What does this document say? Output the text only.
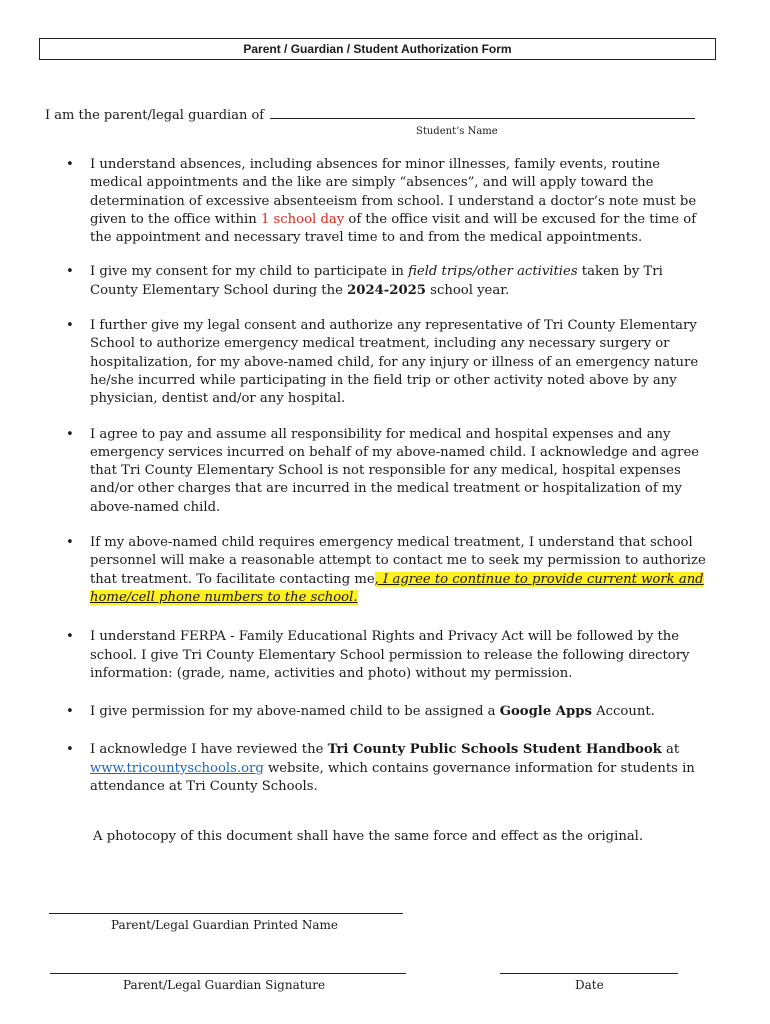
Parent / Guardian / Student Authorization Form
I am the parent/legal guardian of
Student’s Name
• I understand absences, including absences for minor illnesses, family events, routine medical appointments and the like are simply “absences”, and will apply toward the determination of excessive absenteeism from school. I understand a doctor’s note must be given to the office within 1 school day of the office visit and will be excused for the time of the appointment and necessary travel time to and from the medical appointments.
• I give my consent for my child to participate in field trips/other activities taken by Tri County Elementary School during the 2024-2025 school year.
• I further give my legal consent and authorize any representative of Tri County Elementary School to authorize emergency medical treatment, including any necessary surgery or hospitalization, for my above-named child, for any injury or illness of an emergency nature he/she incurred while participating in the field trip or other activity noted above by any physician, dentist and/or any hospital.
• I agree to pay and assume all responsibility for medical and hospital expenses and any emergency services incurred on behalf of my above-named child. I acknowledge and agree that Tri County Elementary School is not responsible for any medical, hospital expenses and/or other charges that are incurred in the medical treatment or hospitalization of my above-named child.
• If my above-named child requires emergency medical treatment, I understand that school personnel will make a reasonable attempt to contact me to seek my permission to authorize that treatment. To facilitate contacting me, I agree to continue to provide current work and home/cell phone numbers to the school.
• I understand FERPA - Family Educational Rights and Privacy Act will be followed by the school. I give Tri County Elementary School permission to release the following directory information: (grade, name, activities and photo) without my permission.
• I give permission for my above-named child to be assigned a Google Apps Account.
• I acknowledge I have reviewed the Tri County Public Schools Student Handbook at www.tricountyschools.org website, which contains governance information for students in attendance at Tri County Schools.
A photocopy of this document shall have the same force and effect as the original.
Parent/Legal Guardian Printed Name
Parent/Legal Guardian Signature	Date
